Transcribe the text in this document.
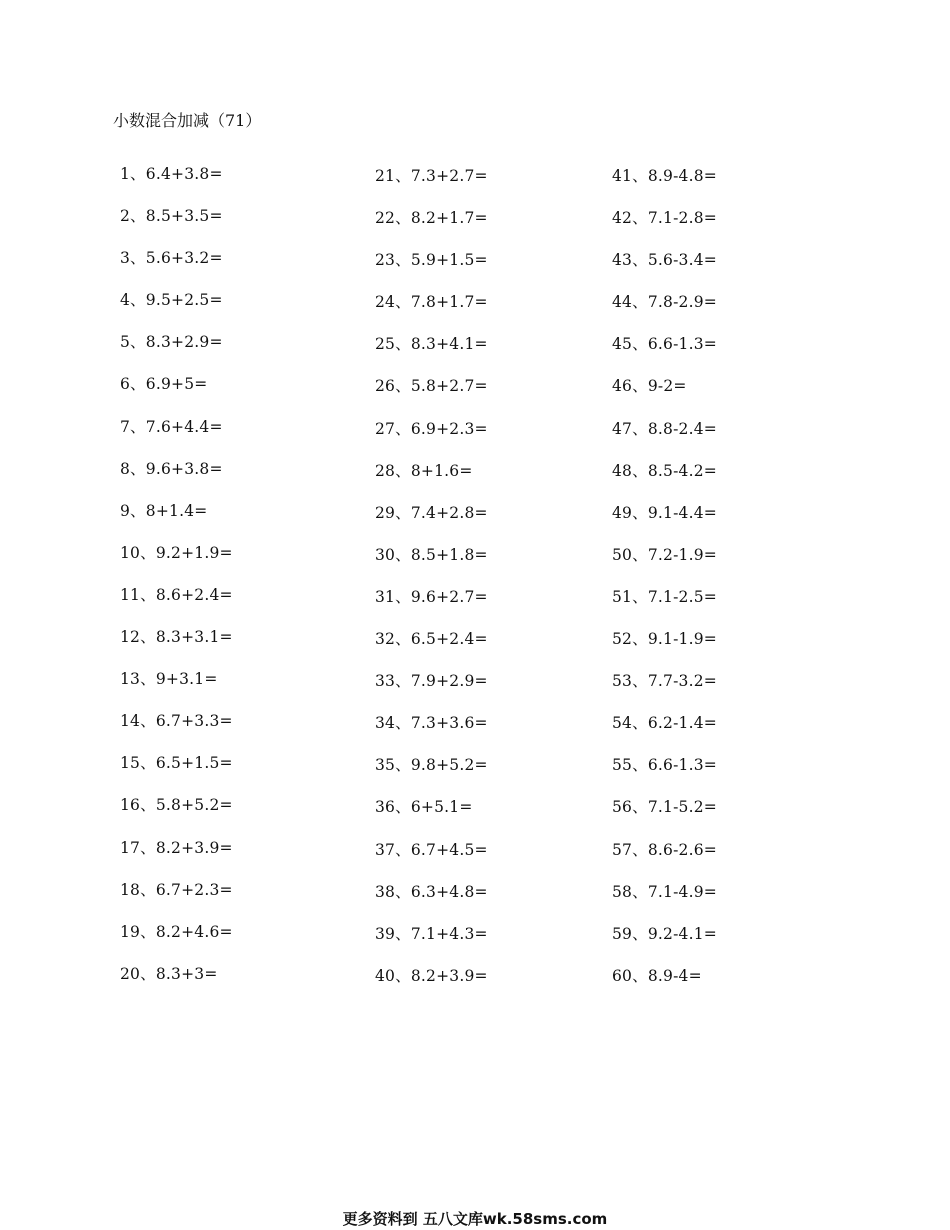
小数混合加减（71）
1、6.4+3.8=
2、8.5+3.5=
3、5.6+3.2=
4、9.5+2.5=
5、8.3+2.9=
6、6.9+5=
7、7.6+4.4=
8、9.6+3.8=
9、8+1.4=
10、9.2+1.9=
11、8.6+2.4=
12、8.3+3.1=
13、9+3.1=
14、6.7+3.3=
15、6.5+1.5=
16、5.8+5.2=
17、8.2+3.9=
18、6.7+2.3=
19、8.2+4.6=
20、8.3+3=
21、7.3+2.7=
22、8.2+1.7=
23、5.9+1.5=
24、7.8+1.7=
25、8.3+4.1=
26、5.8+2.7=
27、6.9+2.3=
28、8+1.6=
29、7.4+2.8=
30、8.5+1.8=
31、9.6+2.7=
32、6.5+2.4=
33、7.9+2.9=
34、7.3+3.6=
35、9.8+5.2=
36、6+5.1=
37、6.7+4.5=
38、6.3+4.8=
39、7.1+4.3=
40、8.2+3.9=
41、8.9-4.8=
42、7.1-2.8=
43、5.6-3.4=
44、7.8-2.9=
45、6.6-1.3=
46、9-2=
47、8.8-2.4=
48、8.5-4.2=
49、9.1-4.4=
50、7.2-1.9=
51、7.1-2.5=
52、9.1-1.9=
53、7.7-3.2=
54、6.2-1.4=
55、6.6-1.3=
56、7.1-5.2=
57、8.6-2.6=
58、7.1-4.9=
59、9.2-4.1=
60、8.9-4=
更多资料到 五八文库wk.58sms.com
